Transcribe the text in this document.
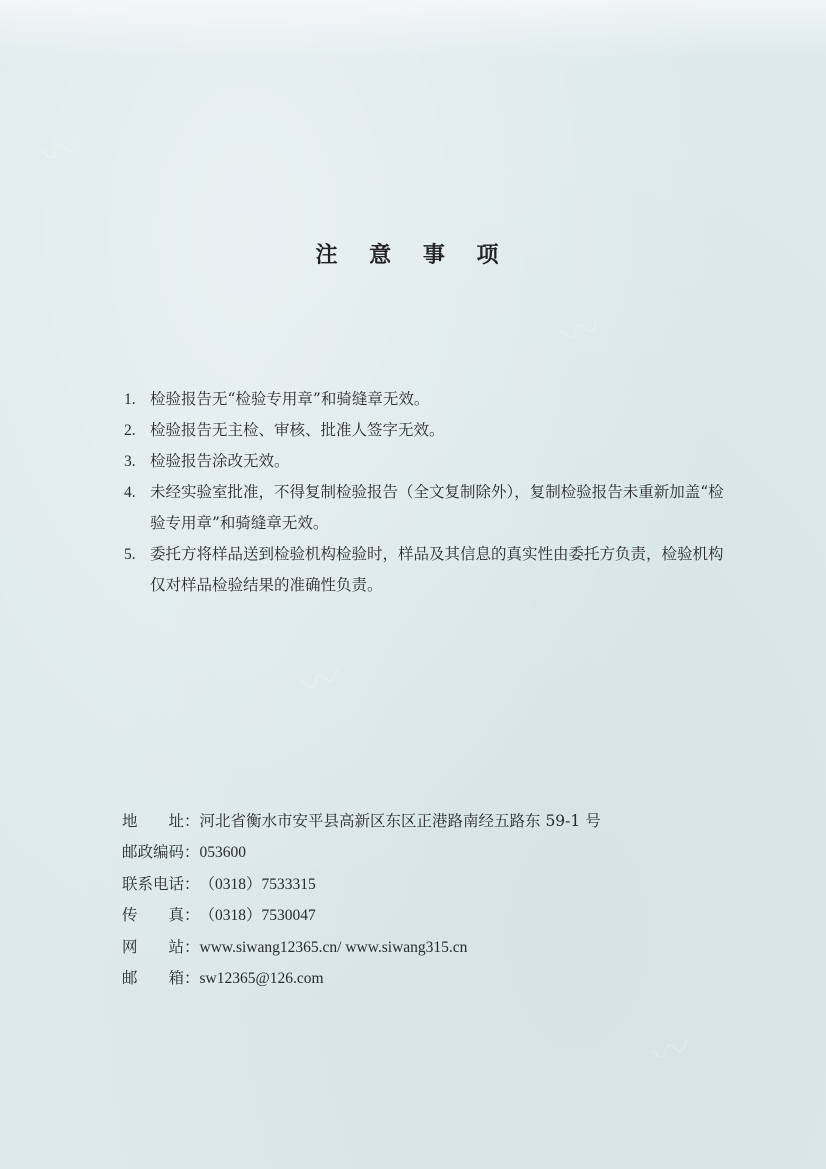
〰
〰
〰
〰
注 意 事 项
1. 检验报告无“检验专用章”和骑缝章无效。
2. 检验报告无主检、审核、批准人签字无效。
3. 检验报告涂改无效。
4. 未经实验室批准，不得复制检验报告（全文复制除外），复制检验报告未重新加盖“检验专用章”和骑缝章无效。
5. 委托方将样品送到检验机构检验时，样品及其信息的真实性由委托方负责，检验机构仅对样品检验结果的准确性负责。
地　　址：河北省衡水市安平县高新区东区正港路南经五路东 59-1 号
邮政编码：053600
联系电话：（0318）7533315
传　　真：（0318）7530047
网　　站：www.siwang12365.cn/ www.siwang315.cn
邮　　箱：sw12365@126.com
